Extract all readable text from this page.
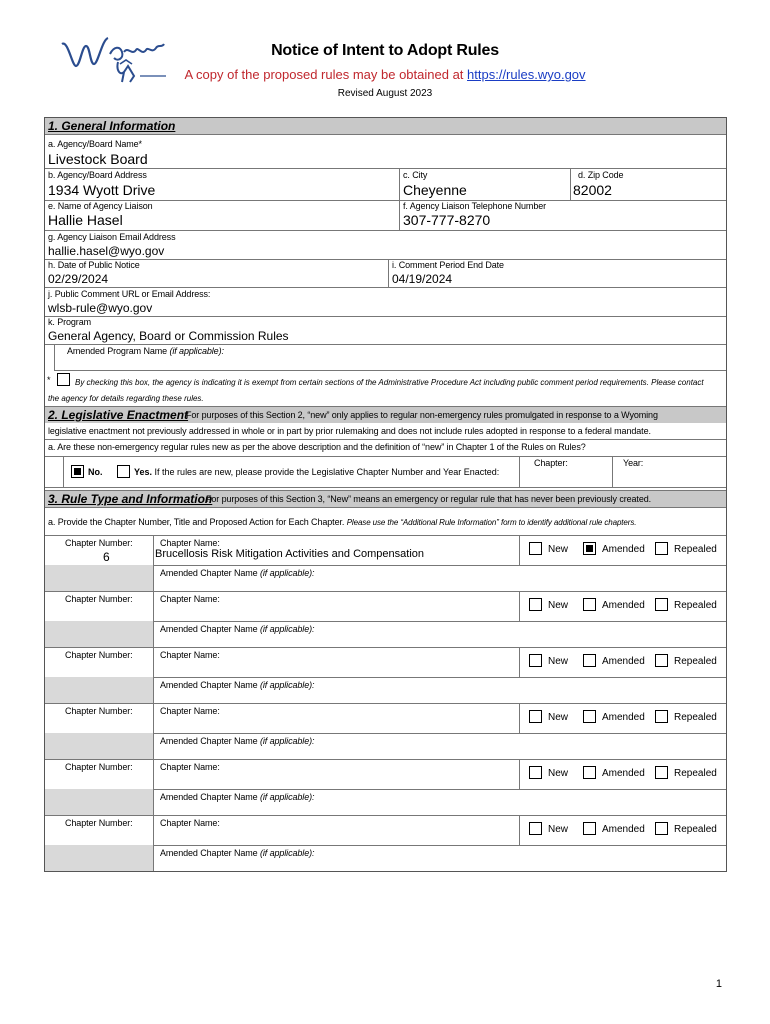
Notice of Intent to Adopt Rules
A copy of the proposed rules may be obtained at https://rules.wyo.gov
Revised August 2023
1. General Information
a. Agency/Board Name*
Livestock Board
b. Agency/Board Address
1934 Wyott Drive
c. City
Cheyenne
d. Zip Code
82002
e. Name of Agency Liaison
Hallie Hasel
f. Agency Liaison Telephone Number
307-777-8270
g. Agency Liaison Email Address
hallie.hasel@wyo.gov
h. Date of Public Notice
02/29/2024
i. Comment Period End Date
04/19/2024
j. Public Comment URL or Email Address:
wlsb-rule@wyo.gov
k. Program
General Agency, Board or Commission Rules
Amended Program Name (if applicable):
*	By checking this box, the agency is indicating it is exempt from certain sections of the Administrative Procedure Act including public comment period requirements. Please contact
the agency for details regarding these rules.
2. Legislative Enactment
For purposes of this Section 2, “new” only applies to regular non-emergency rules promulgated in response to a Wyoming
legislative enactment not previously addressed in whole or in part by prior rulemaking and does not include rules adopted in response to a federal mandate.
a. Are these non-emergency regular rules new as per the above description and the definition of “new” in Chapter 1 of the Rules on Rules?
No.	Yes. If the rules are new, please provide the Legislative Chapter Number and Year Enacted:
Chapter:	Year:
3. Rule Type and Information
For purposes of this Section 3, “New” means an emergency or regular rule that has never been previously created.
a. Provide the Chapter Number, Title and Proposed Action for Each Chapter. Please use the “Additional Rule Information” form to identify additional rule chapters.
Chapter Number:
6
Chapter Name:
Brucellosis Risk Mitigation Activities and Compensation	New	Amended	Repealed
Amended Chapter Name (if applicable):
Chapter Number:	Chapter Name:
New	Amended	Repealed
Amended Chapter Name (if applicable):
Chapter Number:	Chapter Name:
New	Amended	Repealed
Amended Chapter Name (if applicable):
Chapter Number:	Chapter Name:
New	Amended	Repealed
Amended Chapter Name (if applicable):
Chapter Number:	Chapter Name:
New	Amended	Repealed
Amended Chapter Name (if applicable):
Chapter Number:	Chapter Name:
New	Amended	Repealed
Amended Chapter Name (if applicable):
1
